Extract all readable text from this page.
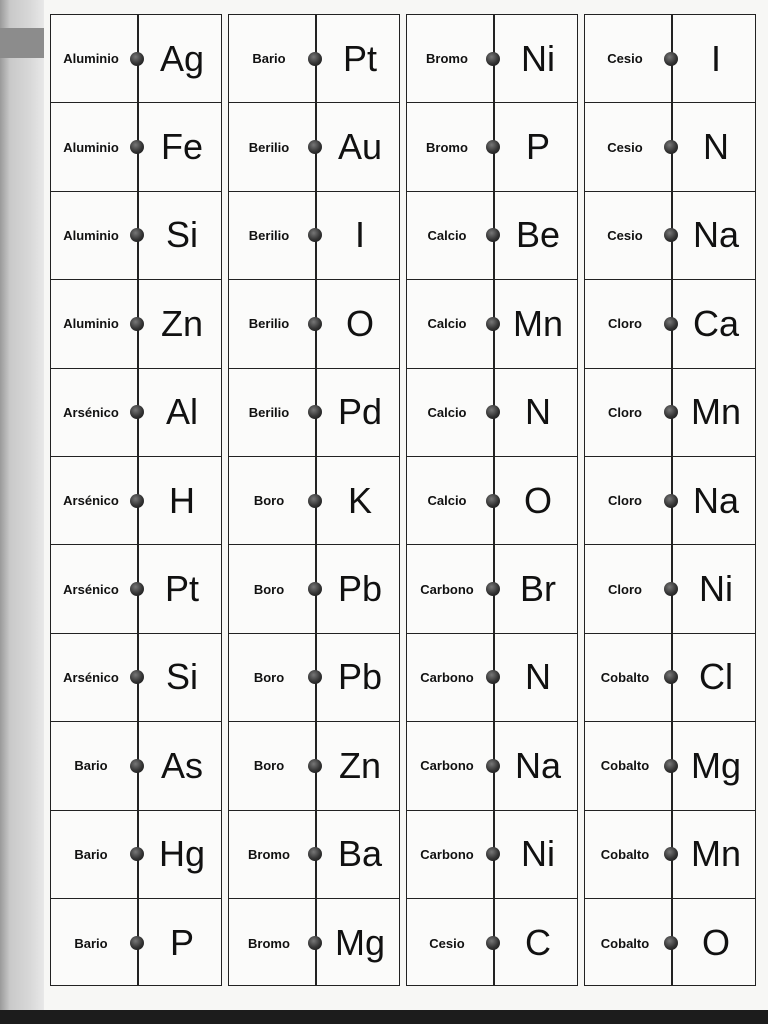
Aluminio	Ag
Aluminio	Fe
Aluminio	Si
Aluminio	Zn
Arsénico	Al
Arsénico	H
Arsénico	Pt
Arsénico	Si
Bario	As
Bario	Hg
Bario	P
Bario	Pt
Berilio	Au
Berilio	I
Berilio	O
Berilio	Pd
Boro	K
Boro	Pb
Boro	Pb
Boro	Zn
Bromo	Ba
Bromo	Mg
Bromo	Ni
Bromo	P
Calcio	Be
Calcio	Mn
Calcio	N
Calcio	O
Carbono	Br
Carbono	N
Carbono	Na
Carbono	Ni
Cesio	C
Cesio	I
Cesio	N
Cesio	Na
Cloro	Ca
Cloro	Mn
Cloro	Na
Cloro	Ni
Cobalto	Cl
Cobalto	Mg
Cobalto	Mn
Cobalto	O
